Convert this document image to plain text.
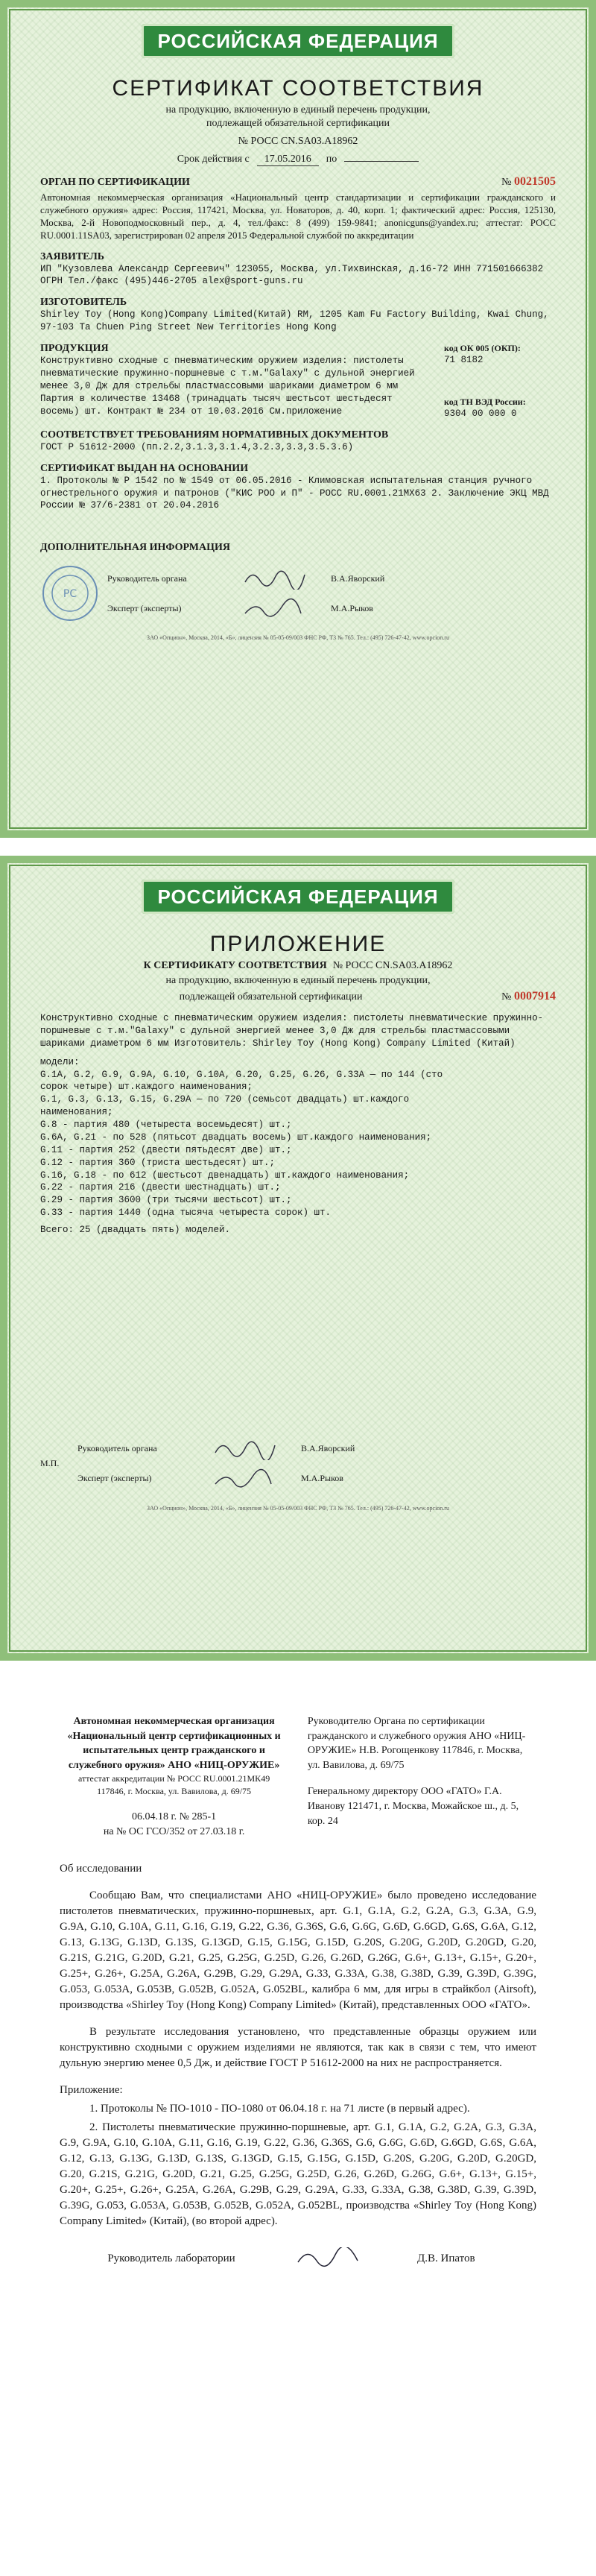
РОССИЙСКАЯ ФЕДЕРАЦИЯ
СЕРТИФИКАТ СООТВЕТСТВИЯ
на продукцию, включенную в единый перечень продукции,
подлежащей обязательной сертификации
№ РОСС CN.SA03.A18962
Срок действия с	17.05.2016	по
ОРГАН ПО СЕРТИФИКАЦИИ	№
0021505
Автономная некоммерческая организация «Национальный центр стандартизации и сертификации гражданского и служебного оружия» адрес: Россия, 117421, Москва, ул. Новаторов, д. 40, корп. 1; фактический адрес: Россия, 125130, Москва, 2-й Новоподмосковный пер., д. 4, тел./факс: 8 (499) 159-9841; anonicguns@yandex.ru; аттестат: РОСС RU.0001.11SA03, зарегистрирован 02 апреля 2015 Федеральной службой по аккредитации
ЗАЯВИТЕЛЬ
ИП "Кузовлева Александр Сергеевич" 123055, Москва, ул.Тихвинская, д.16-72 ИНН 771501666382 ОГРН Тел./факс (495)446-2705 alex@sport-guns.ru
ИЗГОТОВИТЕЛЬ
Shirley Toy (Hong Kong)Company Limited(Китай) RM, 1205 Kam Fu Factory Building, Kwai Chung, 97-103 Ta Chuen Ping Street New Territories Hong Kong
ПРОДУКЦИЯ
Конструктивно сходные с пневматическим оружием изделия: пистолеты пневматические пружинно-поршневые с т.м."Galaxy" с дульной энергией менее 3,0 Дж для стрельбы пластмассовыми шариками диаметром 6 мм Партия в количестве 13468 (тринадцать тысяч шестьсот шестьдесят восемь) шт. Контракт № 234 от 10.03.2016 См.приложение
код ОК 005 (ОКП):
71 8182
код ТН ВЭД России:
9304 00 000 0
СООТВЕТСТВУЕТ ТРЕБОВАНИЯМ НОРМАТИВНЫХ ДОКУМЕНТОВ
ГОСТ Р 51612-2000 (пп.2.2,3.1.3,3.1.4,3.2.3,3.3,3.5.3.6)
СЕРТИФИКАТ ВЫДАН НА ОСНОВАНИИ
1. Протоколы № Р 1542 по № 1549 от 06.05.2016 - Климовская испытательная станция ручного огнестрельного оружия и патронов ("КИС РОО и П" - РОСС RU.0001.21МХ63 2. Заключение ЭКЦ МВД России № 37/6-2381 от 20.04.2016
ДОПОЛНИТЕЛЬНАЯ ИНФОРМАЦИЯ
РС
Руководитель органа	В.А.Яворский
Эксперт (эксперты)	М.А.Рыков
ЗАО «Опцион», Москва, 2014, «Б», лицензия № 05-05-09/003 ФНС РФ, ТЗ № 765. Тел.: (495) 726-47-42, www.opcion.ru
РОССИЙСКАЯ ФЕДЕРАЦИЯ
ПРИЛОЖЕНИЕ
К СЕРТИФИКАТУ СООТВЕТСТВИЯ № РОСС CN.SA03.A18962
на продукцию, включенную в единый перечень продукции,
подлежащей обязательной сертификации	№
0007914
Конструктивно сходные с пневматическим оружием изделия: пистолеты пневматические пружинно-поршневые с т.м."Galaxy" с дульной энергией менее 3,0 Дж для стрельбы пластмассовыми шариками диаметром 6 мм Изготовитель: Shirley Toy (Hong Kong) Company Limited (Китай)
модели:
G.1A, G.2, G.9, G.9A, G.10, G.10A, G.20, G.25, G.26, G.33A — по 144 (сто
сорок четыре) шт.каждого наименования;
G.1, G.3, G.13, G.15, G.29A — по 720 (семьсот двадцать) шт.каждого
наименования;
G.8 - партия 480 (четыреста восемьдесят) шт.;
G.6A, G.21 - по 528 (пятьсот двадцать восемь) шт.каждого наименования;
G.11 - партия 252 (двести пятьдесят две) шт.;
G.12 - партия 360 (триста шестьдесят) шт.;
G.16, G.18 - по 612 (шестьсот двенадцать) шт.каждого наименования;
G.22 - партия 216 (двести шестнадцать) шт.;
G.29 - партия 3600 (три тысячи шестьсот) шт.;
G.33 - партия 1440 (одна тысяча четыреста сорок) шт.
Всего: 25 (двадцать пять) моделей.
М.П.
Руководитель органа	В.А.Яворский
Эксперт (эксперты)	М.А.Рыков
ЗАО «Опцион», Москва, 2014, «Б», лицензия № 05-05-09/003 ФНС РФ, ТЗ № 765. Тел.: (495) 726-47-42, www.opcion.ru
Автономная некоммерческая организация «Национальный центр сертификационных и испытательных центр гражданского и служебного оружия» АНО «НИЦ-ОРУЖИЕ»
аттестат аккредитации № РОСС RU.0001.21МК49
117846, г. Москва, ул. Вавилова, д. 69/75
06.04.18 г. № 285-1
на № ОС ГСО/352 от 27.03.18 г.
Руководителю Органа по сертификации гражданского и служебного оружия АНО «НИЦ-ОРУЖИЕ» Н.В. Рогощенкову 117846, г. Москва, ул. Вавилова, д. 69/75
Генеральному директору ООО «ГАТО» Г.А. Иванову 121471, г. Москва, Можайское ш., д. 5, кор. 24
Об исследовании

Сообщаю Вам, что специалистами АНО «НИЦ-ОРУЖИЕ» было проведено исследование пистолетов пневматических, пружинно-поршневых, арт. G.1, G.1A, G.2, G.2A, G.3, G.3A, G.9, G.9A, G.10, G.10A, G.11, G.16, G.19, G.22, G.36, G.36S, G.6, G.6G, G.6D, G.6GD, G.6S, G.6A, G.12, G.13, G.13G, G.13D, G.13S, G.13GD, G.15, G.15G, G.15D, G.20S, G.20G, G.20D, G.20GD, G.20, G.21S, G.21G, G.20D, G.21, G.25, G.25G, G.25D, G.26, G.26D, G.26G, G.6+, G.13+, G.15+, G.20+, G.25+, G.26+, G.25A, G.26A, G.29B, G.29, G.29A, G.33, G.33A, G.38, G.38D, G.39, G.39D, G.39G, G.053, G.053A, G.053B, G.052B, G.052A, G.052BL, калибра 6 мм, для игры в страйкбол (Airsoft), производства «Shirley Toy (Hong Kong) Company Limited» (Китай), представленных ООО «ГАТО».

В результате исследования установлено, что представленные образцы оружием или конструктивно сходными с оружием изделиями не являются, так как в связи с тем, что имеют дульную энергию менее 0,5 Дж, и действие ГОСТ Р 51612-2000 на них не распространяется.

Приложение:

1. Протоколы № ПО-1010 - ПО-1080 от 06.04.18 г. на 71 листе (в первый адрес).

2. Пистолеты пневматические пружинно-поршневые, арт. G.1, G.1A, G.2, G.2A, G.3, G.3A, G.9, G.9A, G.10, G.10A, G.11, G.16, G.19, G.22, G.36, G.36S, G.6, G.6G, G.6D, G.6GD, G.6S, G.6A, G.12, G.13, G.13G, G.13D, G.13S, G.13GD, G.15, G.15G, G.15D, G.20S, G.20G, G.20D, G.20GD, G.20, G.21S, G.21G, G.20D, G.21, G.25, G.25G, G.25D, G.26, G.26D, G.26G, G.6+, G.13+, G.15+, G.20+, G.25+, G.26+, G.25A, G.26A, G.29B, G.29, G.29A, G.33, G.33A, G.38, G.38D, G.39, G.39D, G.39G, G.053, G.053A, G.053B, G.052B, G.052A, G.052BL, производства «Shirley Toy (Hong Kong) Company Limited» (Китай), (во второй адрес).

Руководитель лаборатории	Д.В. Ипатов
